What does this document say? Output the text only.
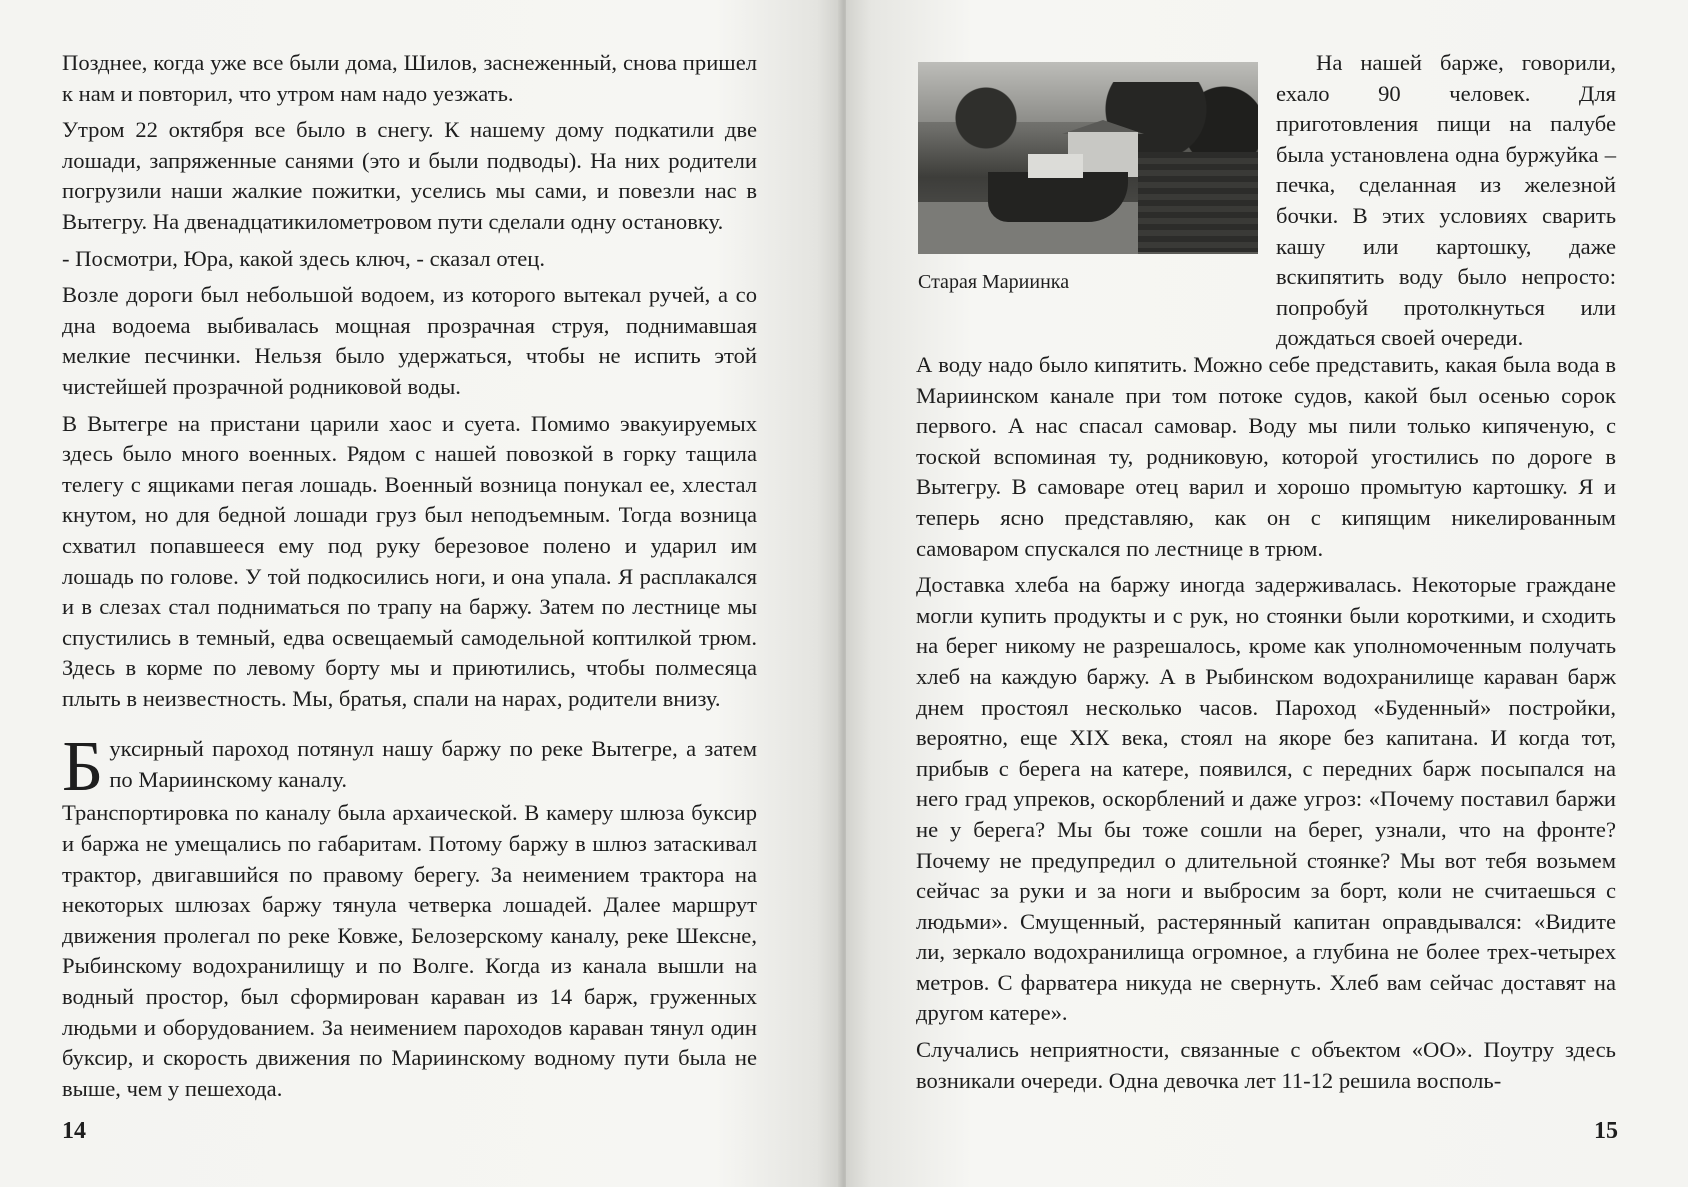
Позднее, когда уже все были дома, Шилов, заснеженный, снова пришел к нам и повторил, что утром нам надо уезжать.

Утром 22 октября все было в снегу. К нашему дому подкатили две лошади, запряженные санями (это и были подводы). На них родители погрузили наши жалкие пожитки, уселись мы сами, и повезли нас в Вытегру. На двенадцатикилометровом пути сделали одну остановку.

- Посмотри, Юра, какой здесь ключ, - сказал отец.

Возле дороги был небольшой водоем, из которого вытекал ручей, а со дна водоема выбивалась мощная прозрачная струя, поднимавшая мелкие песчинки. Нельзя было удержаться, чтобы не испить этой чистейшей прозрачной родниковой воды.

В Вытегре на пристани царили хаос и суета. Помимо эвакуируемых здесь было много военных. Рядом с нашей повозкой в горку тащила телегу с ящиками пегая лошадь. Военный возница понукал ее, хлестал кнутом, но для бедной лошади груз был неподъемным. Тогда возница схватил попавшееся ему под руку березовое полено и ударил им лошадь по голове. У той подкосились ноги, и она упала. Я расплакался и в слезах стал подниматься по трапу на баржу. Затем по лестнице мы спустились в темный, едва освещаемый самодельной коптилкой трюм. Здесь в корме по левому борту мы и приютились, чтобы полмесяца плыть в неизвестность. Мы, братья, спали на нарах, родители внизу.

Б уксирный пароход потянул нашу баржу по реке Вытегре, а затем по Мариинскому каналу.

Транспортировка по каналу была архаической. В камеру шлюза буксир и баржа не умещались по габаритам. Потому баржу в шлюз затаскивал трактор, двигавшийся по правому берегу. За неимением трактора на некоторых шлюзах баржу тянула четверка лошадей. Далее маршрут движения пролегал по реке Ковже, Белозерскому каналу, реке Шексне, Рыбинскому водохранилищу и по Волге. Когда из канала вышли на водный простор, был сформирован караван из 14 барж, груженных людьми и оборудованием. За неимением пароходов караван тянул один буксир, и скорость движения по Мариинскому водному пути была не выше, чем у пешехода.

14
Старая Мариинка

На нашей барже, говорили, ехало 90 человек. Для приготовления пищи на палубе была установлена одна буржуйка – печка, сделанная из железной бочки. В этих условиях сварить кашу или картошку, даже вскипятить воду было непросто: попробуй протолкнуться или дождаться своей очереди.

А воду надо было кипятить. Можно себе представить, какая была вода в Мариинском канале при том потоке судов, какой был осенью сорок первого. А нас спасал самовар. Воду мы пили только кипяченую, с тоской вспоминая ту, родниковую, которой угостились по дороге в Вытегру. В самоваре отец варил и хорошо промытую картошку. Я и теперь ясно представляю, как он с кипящим никелированным самоваром спускался по лестнице в трюм.

Доставка хлеба на баржу иногда задерживалась. Некоторые граждане могли купить продукты и с рук, но стоянки были короткими, и сходить на берег никому не разрешалось, кроме как уполномоченным получать хлеб на каждую баржу. А в Рыбинском водохранилище караван барж днем простоял несколько часов. Пароход «Буденный» постройки, вероятно, еще XIX века, стоял на якоре без капитана. И когда тот, прибыв с берега на катере, появился, с передних барж посыпался на него град упреков, оскорблений и даже угроз: «Почему поставил баржи не у берега? Мы бы тоже сошли на берег, узнали, что на фронте? Почему не предупредил о длительной стоянке? Мы вот тебя возьмем сейчас за руки и за ноги и выбросим за борт, коли не считаешься с людьми». Смущенный, растерянный капитан оправдывался: «Видите ли, зеркало водохранилища огромное, а глубина не более трех-четырех метров. С фарватера никуда не свернуть. Хлеб вам сейчас доставят на другом катере».

Случались неприятности, связанные с объектом «ОО». Поутру здесь возникали очереди. Одна девочка лет 11-12 решила восполь-

15
